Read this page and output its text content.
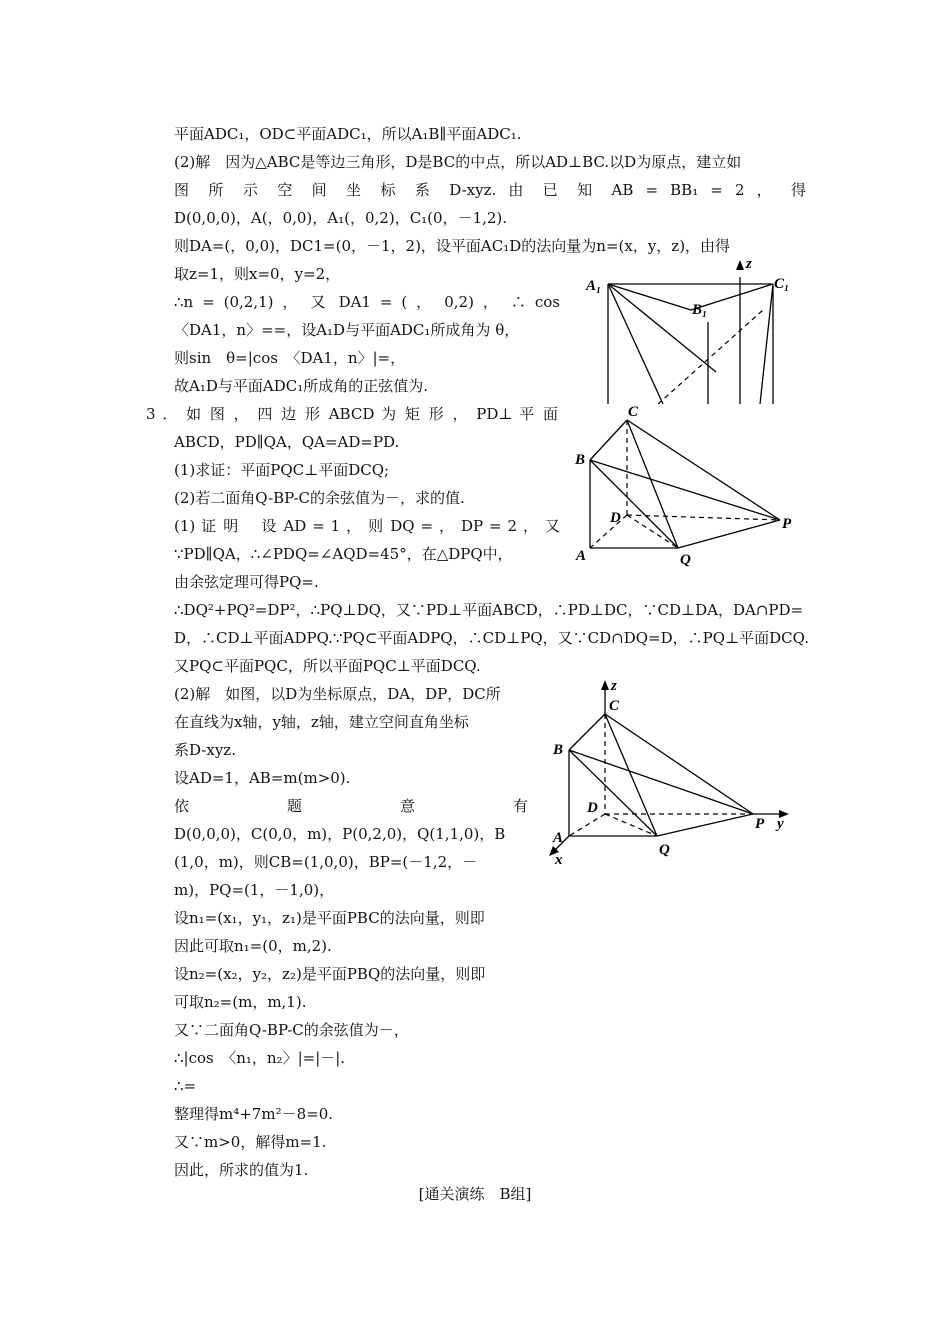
平面ADC₁，OD⊂平面ADC₁，所以A₁B∥平面ADC₁.
(2)解　因为△ABC是等边三角形，D是BC的中点，所以AD⊥BC.以D为原点，建立如
图 所 示 空 间 坐 标 系 D-xyz. 由 已 知 AB = BB₁ = 2 ， 得
D(0,0,0)，A(，0,0)，A₁(，0,2)，C₁(0，－1,2).
则DA=(，0,0)，DC1=(0，－1，2)，设平面AC₁D的法向量为n=(x，y，z)，由得
取z=1，则x=0，y=2，
∴n = (0,2,1) ， 又 DA1 = ( ， 0,2) ， ∴ cos
〈DA1，n〉==，设A₁D与平面ADC₁所成角为 θ，
则sin　θ=|cos　〈DA1，n〉|=，
故A₁D与平面ADC₁所成角的正弦值为.
3 ． 如 图 ， 四 边 形 ABCD 为 矩 形 ， PD⊥ 平 面
ABCD，PD∥QA，QA=AD=PD.
(1)求证：平面PQC⊥平面DCQ;
(2)若二面角Q-BP-C的余弦值为－，求的值.
(1) 证 明　 设 AD = 1 ， 则 DQ = ， DP = 2 ， 又
∵PD∥QA，∴∠PDQ=∠AQD=45°，在△DPQ中，
由余弦定理可得PQ=.
∴DQ²+PQ²=DP²，∴PQ⊥DQ，又∵PD⊥平面ABCD，∴PD⊥DC，∵CD⊥DA，DA∩PD=
D，∴CD⊥平面ADPQ.∵PQ⊂平面ADPQ，∴CD⊥PQ，又∵CD∩DQ=D，∴PQ⊥平面DCQ.
又PQ⊂平面PQC，所以平面PQC⊥平面DCQ.
(2)解　如图，以D为坐标原点，DA，DP，DC所
在直线为x轴，y轴，z轴，建立空间直角坐标
系D-xyz.
设AD=1，AB=m(m>0).
依　　　　　题　　　　　意　　　　　有
D(0,0,0)，C(0,0，m)，P(0,2,0)，Q(1,1,0)，B
(1,0，m)，则CB=(1,0,0)，BP=(－1,2，－
m)，PQ=(1，－1,0)，
设n₁=(x₁，y₁，z₁)是平面PBC的法向量，则即
因此可取n₁=(0，m,2).
设n₂=(x₂，y₂，z₂)是平面PBQ的法向量，则即
可取n₂=(m，m,1).
又∵二面角Q-BP-C的余弦值为－，
∴|cos　〈n₁，n₂〉|=|－|.
∴=
整理得m⁴+7m²－8=0.
又∵m>0，解得m=1.
因此，所求的值为1.
[通关演练　B组]
A₁
B₁
C₁
z
C
B
D	P
A	Q
z
C
B
D
P y
A
x
Q
